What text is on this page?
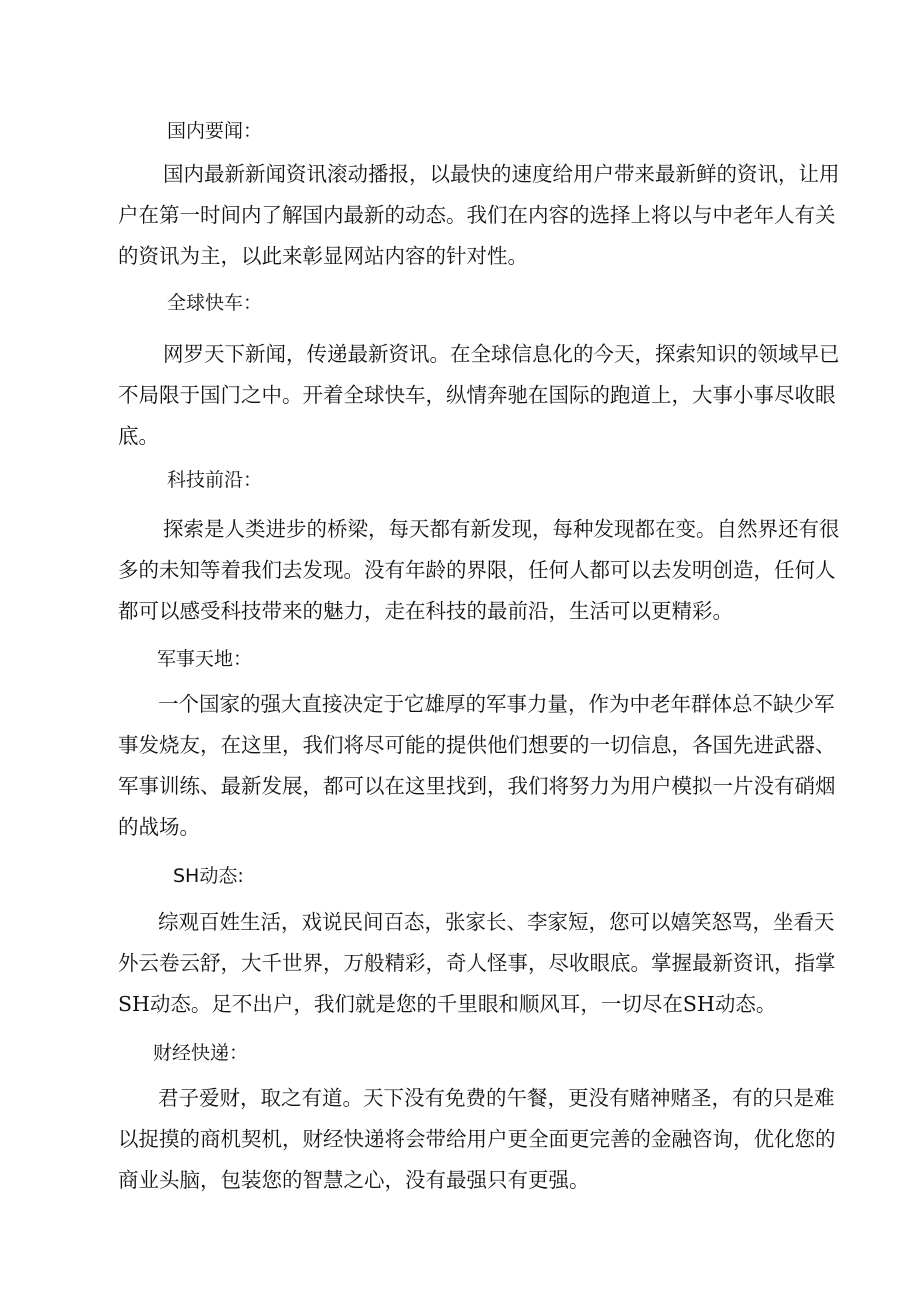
国内要闻：
国内最新新闻资讯滚动播报，以最快的速度给用户带来最新鲜的资讯，让用
户在第一时间内了解国内最新的动态。我们在内容的选择上将以与中老年人有关
的资讯为主，以此来彰显网站内容的针对性。
全球快车：
网罗天下新闻，传递最新资讯。在全球信息化的今天，探索知识的领域早已
不局限于国门之中。开着全球快车，纵情奔驰在国际的跑道上，大事小事尽收眼
底。
科技前沿：
探索是人类进步的桥梁，每天都有新发现，每种发现都在变。自然界还有很
多的未知等着我们去发现。没有年龄的界限，任何人都可以去发明创造，任何人
都可以感受科技带来的魅力，走在科技的最前沿，生活可以更精彩。
军事天地：
一个国家的强大直接决定于它雄厚的军事力量，作为中老年群体总不缺少军
事发烧友，在这里，我们将尽可能的提供他们想要的一切信息，各国先进武器、
军事训练、最新发展，都可以在这里找到，我们将努力为用户模拟一片没有硝烟
的战场。
SH动态:
综观百姓生活，戏说民间百态，张家长、李家短，您可以嬉笑怒骂，坐看天
外云卷云舒，大千世界，万般精彩，奇人怪事，尽收眼底。掌握最新资讯，指掌
SH动态。足不出户，我们就是您的千里眼和顺风耳，一切尽在SH动态。
财经快递：
君子爱财，取之有道。天下没有免费的午餐，更没有赌神赌圣，有的只是难
以捉摸的商机契机，财经快递将会带给用户更全面更完善的金融咨询，优化您的
商业头脑，包装您的智慧之心，没有最强只有更强。
